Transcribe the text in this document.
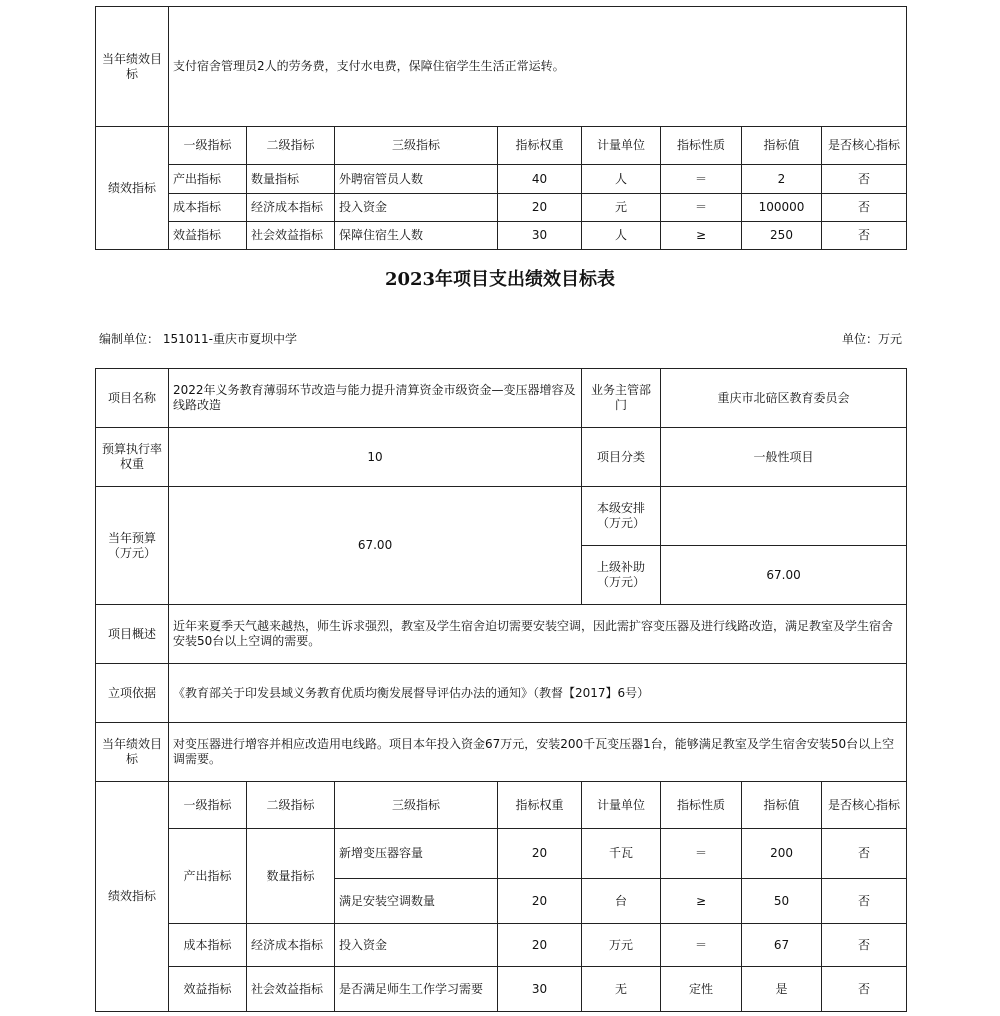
当年绩效目标	支付宿舍管理员2人的劳务费，支付水电费，保障住宿学生生活正常运转。							
绩效指标	一级指标	二级指标	三级指标	指标权重	计量单位	指标性质	指标值	是否核心指标
	产出指标	数量指标	外聘宿管员人数	40	人	＝	2	否
	成本指标	经济成本指标	投入资金	20	元	＝	100000	否
	效益指标	社会效益指标	保障住宿生人数	30	人	≥	250	否
2023年项目支出绩效目标表
编制单位： 151011-重庆市夏坝中学	单位：万元
项目名称	2022年义务教育薄弱环节改造与能力提升清算资金市级资金—变压器增容及线路改造				业务主管部门	重庆市北碚区教育委员会		
预算执行率权重	10				项目分类	一般性项目		
当年预算（万元）	67.00				本级安排（万元）			
					上级补助（万元）	67.00		
项目概述	近年来夏季天气越来越热，师生诉求强烈，教室及学生宿舍迫切需要安装空调，因此需扩容变压器及进行线路改造，满足教室及学生宿舍安装50台以上空调的需要。							
立项依据	《教育部关于印发县域义务教育优质均衡发展督导评估办法的通知》（教督【2017】6号）							
当年绩效目标	对变压器进行增容并相应改造用电线路。项目本年投入资金67万元，安装200千瓦变压器1台，能够满足教室及学生宿舍安装50台以上空调需要。							
绩效指标	一级指标	二级指标	三级指标	指标权重	计量单位	指标性质	指标值	是否核心指标
	产出指标	数量指标	新增变压器容量	20	千瓦	＝	200	否
			满足安装空调数量	20	台	≥	50	否
	成本指标	经济成本指标	投入资金	20	万元	＝	67	否
	效益指标	社会效益指标	是否满足师生工作学习需要	30	无	定性	是	否
